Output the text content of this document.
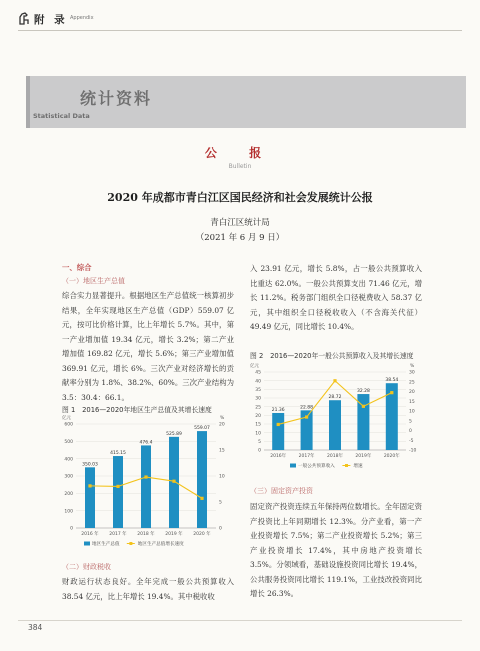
附 录 Appendix
统计资料
Statistical Data
公 报
Bulletin
2020 年成都市青白江区国民经济和社会发展统计公报
青白江区统计局
（2021 年 6 月 9 日）
一、综合
（一）地区生产总值
综合实力显著提升。根据地区生产总值统一核算初步结果，全年实现地区生产总值（GDP）559.07 亿元，按可比价格计算，比上年增长 5.7%。其中，第一产业增加值 19.34 亿元，增长 3.2%；第二产业增加值 169.82 亿元，增长 5.6%；第三产业增加值 369.91 亿元，增长 6%。三次产业对经济增长的贡献率分别为 1.8%、38.2%、60%。三次产业结构为 3.5：30.4：66.1。
图 1　2016—2020年地区生产总值及其增长速度
亿元	%
0
100
200
300
400
500
600
0
5
10
15
20
350.03
415.15
476.4
525.89
559.07
2016 年 2017 年 2018 年 2019 年 2020 年
地区生产总值	地区生产总值增长速度
（二）财政税收
财政运行状态良好。全年完成一般公共预算收入 38.54 亿元，比上年增长 19.4%。其中税收收
入 23.91 亿元，增长 5.8%，占一般公共预算收入比重达 62.0%。一般公共预算支出 71.46 亿元，增长 11.2%。税务部门组织全口径税费收入 58.37 亿元，其中组织全口径税收收入（不含海关代征）49.49 亿元，同比增长 10.4%。
图 2　2016—2020年一般公共预算收入及其增长速度
亿元	%
0
5
10
15
20
25
30
35
40
45
-10
-5
0
5
10
15
20
25
30
21.36
22.88
28.72
32.28
38.54
2016年	2017年	2018年	2019年	2020年
一般公共预算收入	增速
（三）固定资产投资
固定资产投资连续五年保持两位数增长。全年固定资产投资比上年同期增长 12.3%。分产业看，第一产业投资增长 7.5%；第二产业投资增长 5.2%；第三产业投资增长 17.4%，其中房地产投资增长 3.5%。分领域看，基础设施投资同比增长 19.4%，公共服务投资同比增长 119.1%，工业技改投资同比增长 26.3%。
384
